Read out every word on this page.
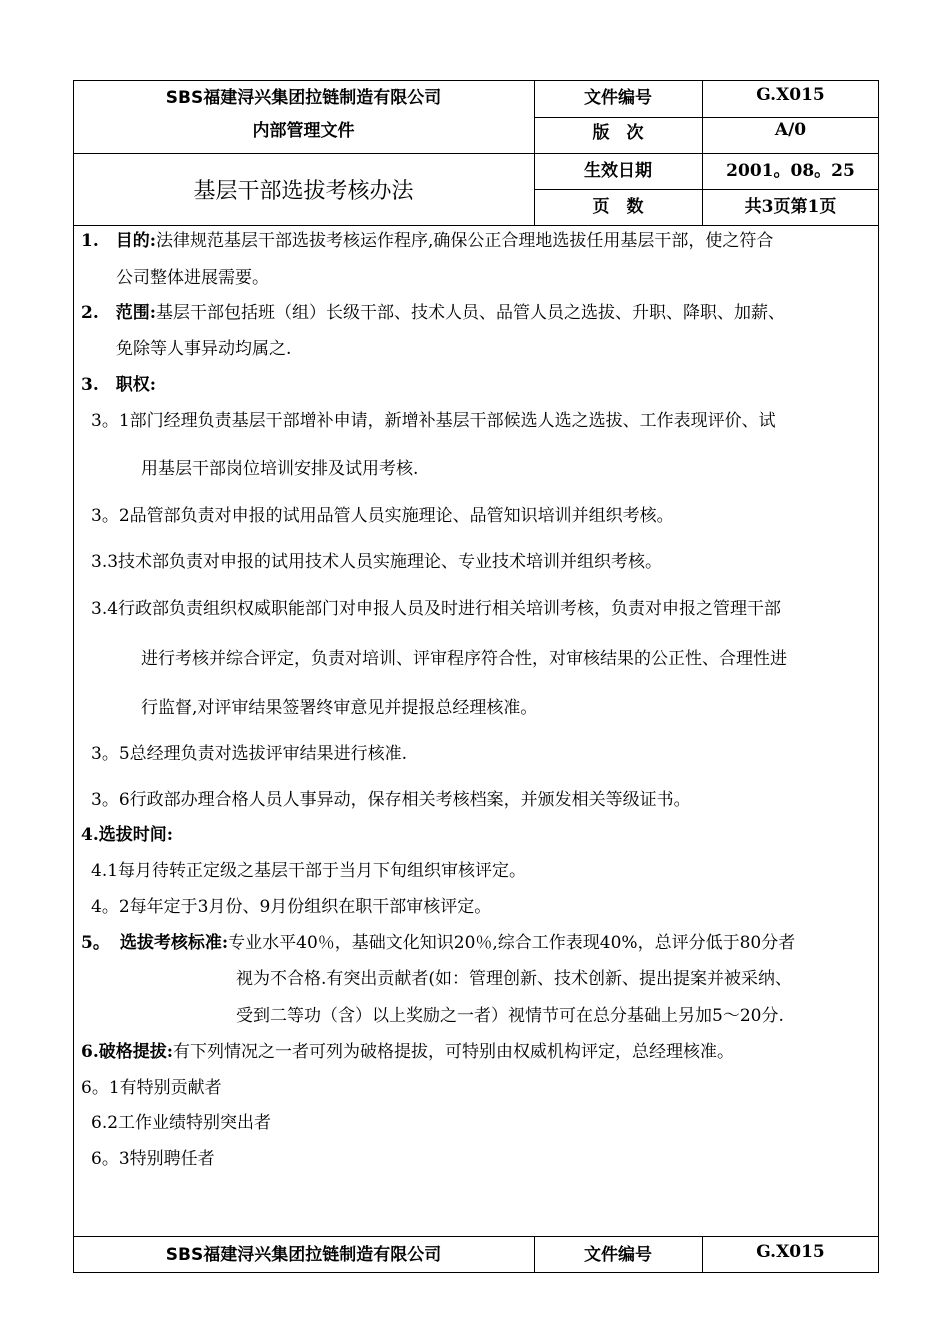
SBS福建浔兴集团拉链制造有限公司
内部管理文件
基层干部选拔考核办法
文件编号
版　次
生效日期
页　数
G.X015
A/0
2001。08。25
共3页第1页
1. 目的:法律规范基层干部选拔考核运作程序,确保公正合理地选拔任用基层干部，使之符合
公司整体进展需要。
2. 范围:基层干部包括班（组）长级干部、技术人员、品管人员之选拔、升职、降职、加薪、
免除等人事异动均属之.
3. 职权:
3。1部门经理负责基层干部增补申请，新增补基层干部候选人选之选拔、工作表现评价、试
用基层干部岗位培训安排及试用考核.
3。2品管部负责对申报的试用品管人员实施理论、品管知识培训并组织考核。
3.3技术部负责对申报的试用技术人员实施理论、专业技术培训并组织考核。
3.4行政部负责组织权威职能部门对申报人员及时进行相关培训考核，负责对申报之管理干部
进行考核并综合评定，负责对培训、评审程序符合性，对审核结果的公正性、合理性进
行监督,对评审结果签署终审意见并提报总经理核准。
3。5总经理负责对选拔评审结果进行核准.
3。6行政部办理合格人员人事异动，保存相关考核档案，并颁发相关等级证书。
4.选拔时间:
4.1每月待转正定级之基层干部于当月下旬组织审核评定。
4。2每年定于3月份、9月份组织在职干部审核评定。
5。 选拔考核标准:专业水平40％，基础文化知识20％,综合工作表现40%，总评分低于80分者
视为不合格.有突出贡献者(如：管理创新、技术创新、提出提案并被采纳、
受到二等功（含）以上奖励之一者）视情节可在总分基础上另加5～20分.
6.破格提拔:有下列情况之一者可列为破格提拔，可特别由权威机构评定，总经理核准。
6。1有特别贡献者
6.2工作业绩特别突出者
6。3特别聘任者
SBS福建浔兴集团拉链制造有限公司	文件编号	G.X015
